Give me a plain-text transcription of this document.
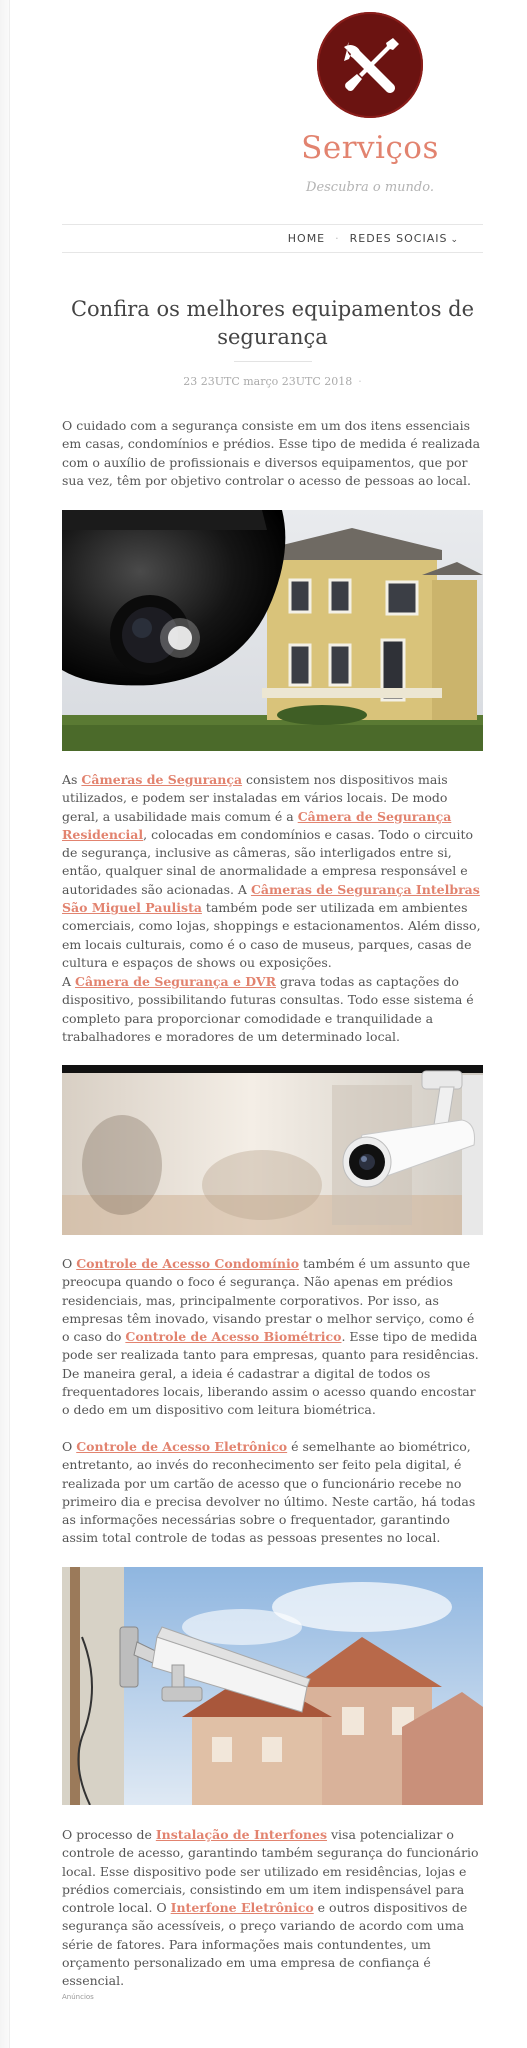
Serviços

Descubra o mundo.

HOME · REDES SOCIAIS ⌄
Confira os melhores equipamentos de segurança
23 23UTC março 23UTC 2018 ·

O cuidado com a segurança consiste em um dos itens essenciais em casas, condomínios e prédios. Esse tipo de medida é realizada com o auxílio de profissionais e diversos equipamentos, que por sua vez, têm por objetivo controlar o acesso de pessoas ao local.

As Câmeras de Segurança consistem nos dispositivos mais utilizados, e podem ser instaladas em vários locais. De modo geral, a usabilidade mais comum é a Câmera de Segurança Residencial, colocadas em condomínios e casas. Todo o circuito de segurança, inclusive as câmeras, são interligados entre si, então, qualquer sinal de anormalidade a empresa responsável e autoridades são acionadas. A Câmeras de Segurança Intelbras São Miguel Paulista também pode ser utilizada em ambientes comerciais, como lojas, shoppings e estacionamentos. Além disso, em locais culturais, como é o caso de museus, parques, casas de cultura e espaços de shows ou exposições.

A Câmera de Segurança e DVR grava todas as captações do dispositivo, possibilitando futuras consultas. Todo esse sistema é completo para proporcionar comodidade e tranquilidade a trabalhadores e moradores de um determinado local.

O Controle de Acesso Condomínio também é um assunto que preocupa quando o foco é segurança. Não apenas em prédios residenciais, mas, principalmente corporativos. Por isso, as empresas têm inovado, visando prestar o melhor serviço, como é o caso do Controle de Acesso Biométrico. Esse tipo de medida pode ser realizada tanto para empresas, quanto para residências. De maneira geral, a ideia é cadastrar a digital de todos os frequentadores locais, liberando assim o acesso quando encostar o dedo em um dispositivo com leitura biométrica.

O Controle de Acesso Eletrônico é semelhante ao biométrico, entretanto, ao invés do reconhecimento ser feito pela digital, é realizada por um cartão de acesso que o funcionário recebe no primeiro dia e precisa devolver no último. Neste cartão, há todas as informações necessárias sobre o frequentador, garantindo assim total controle de todas as pessoas presentes no local.

O processo de Instalação de Interfones visa potencializar o controle de acesso, garantindo também segurança do funcionário local. Esse dispositivo pode ser utilizado em residências, lojas e prédios comerciais, consistindo em um item indispensável para controle local. O Interfone Eletrônico e outros dispositivos de segurança são acessíveis, o preço variando de acordo com uma série de fatores. Para informações mais contundentes, um orçamento personalizado em uma empresa de confiança é essencial.

Anúncios
